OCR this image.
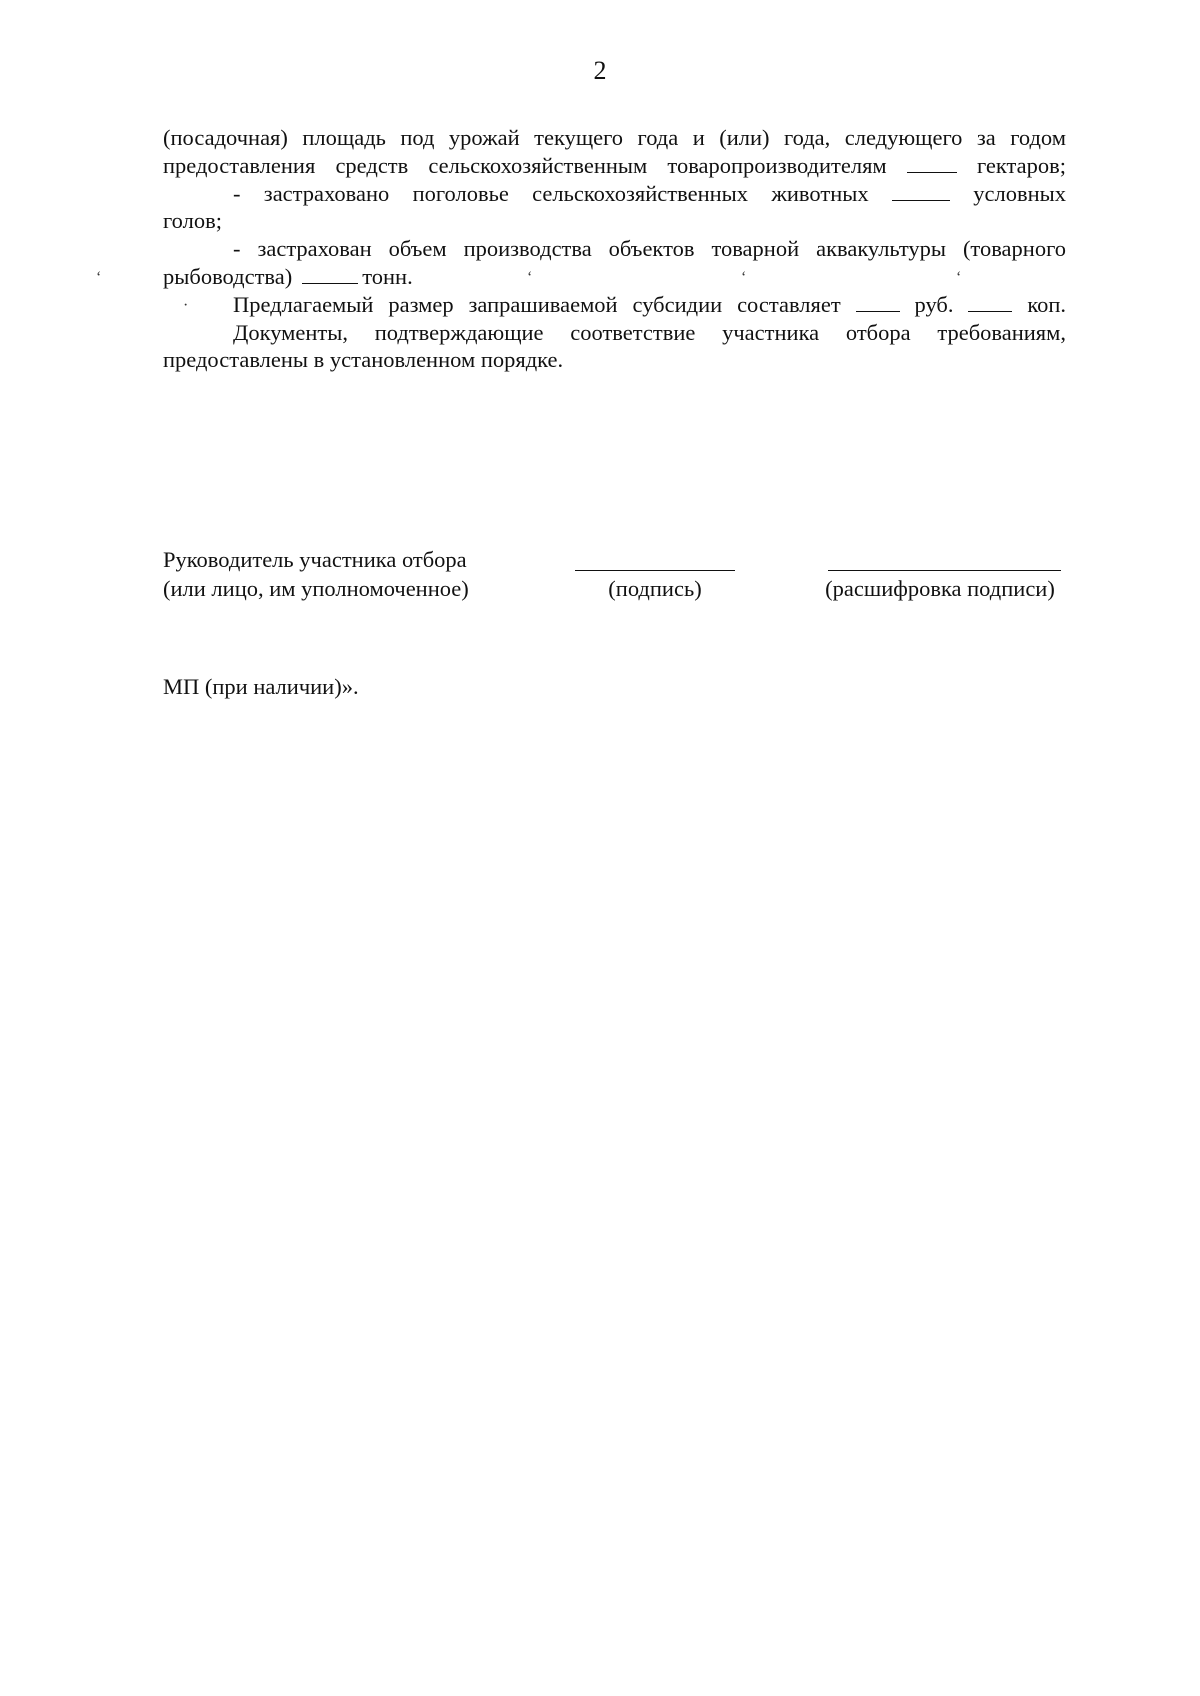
2

(посадочная) площадь под урожай текущего года и (или) года, следующего за годом

предоставления средств сельскохозяйственным товаропроизводителям	гектаров;

- застраховано поголовье сельскохозяйственных животных	условных

голов;

- застрахован объем производства объектов товарной аквакультуры (товарного

рыбоводства)	тонн.

Предлагаемый размер запрашиваемой субсидии составляет	руб.	коп.

Документы, подтверждающие соответствие участника отбора требованиям,

предоставлены в установленном порядке.

‘
·
‘	‘	‘
Руководитель участника отбора
(или лицо, им уполномоченное)	(подпись)	(расшифровка подписи)
МП (при наличии)».
